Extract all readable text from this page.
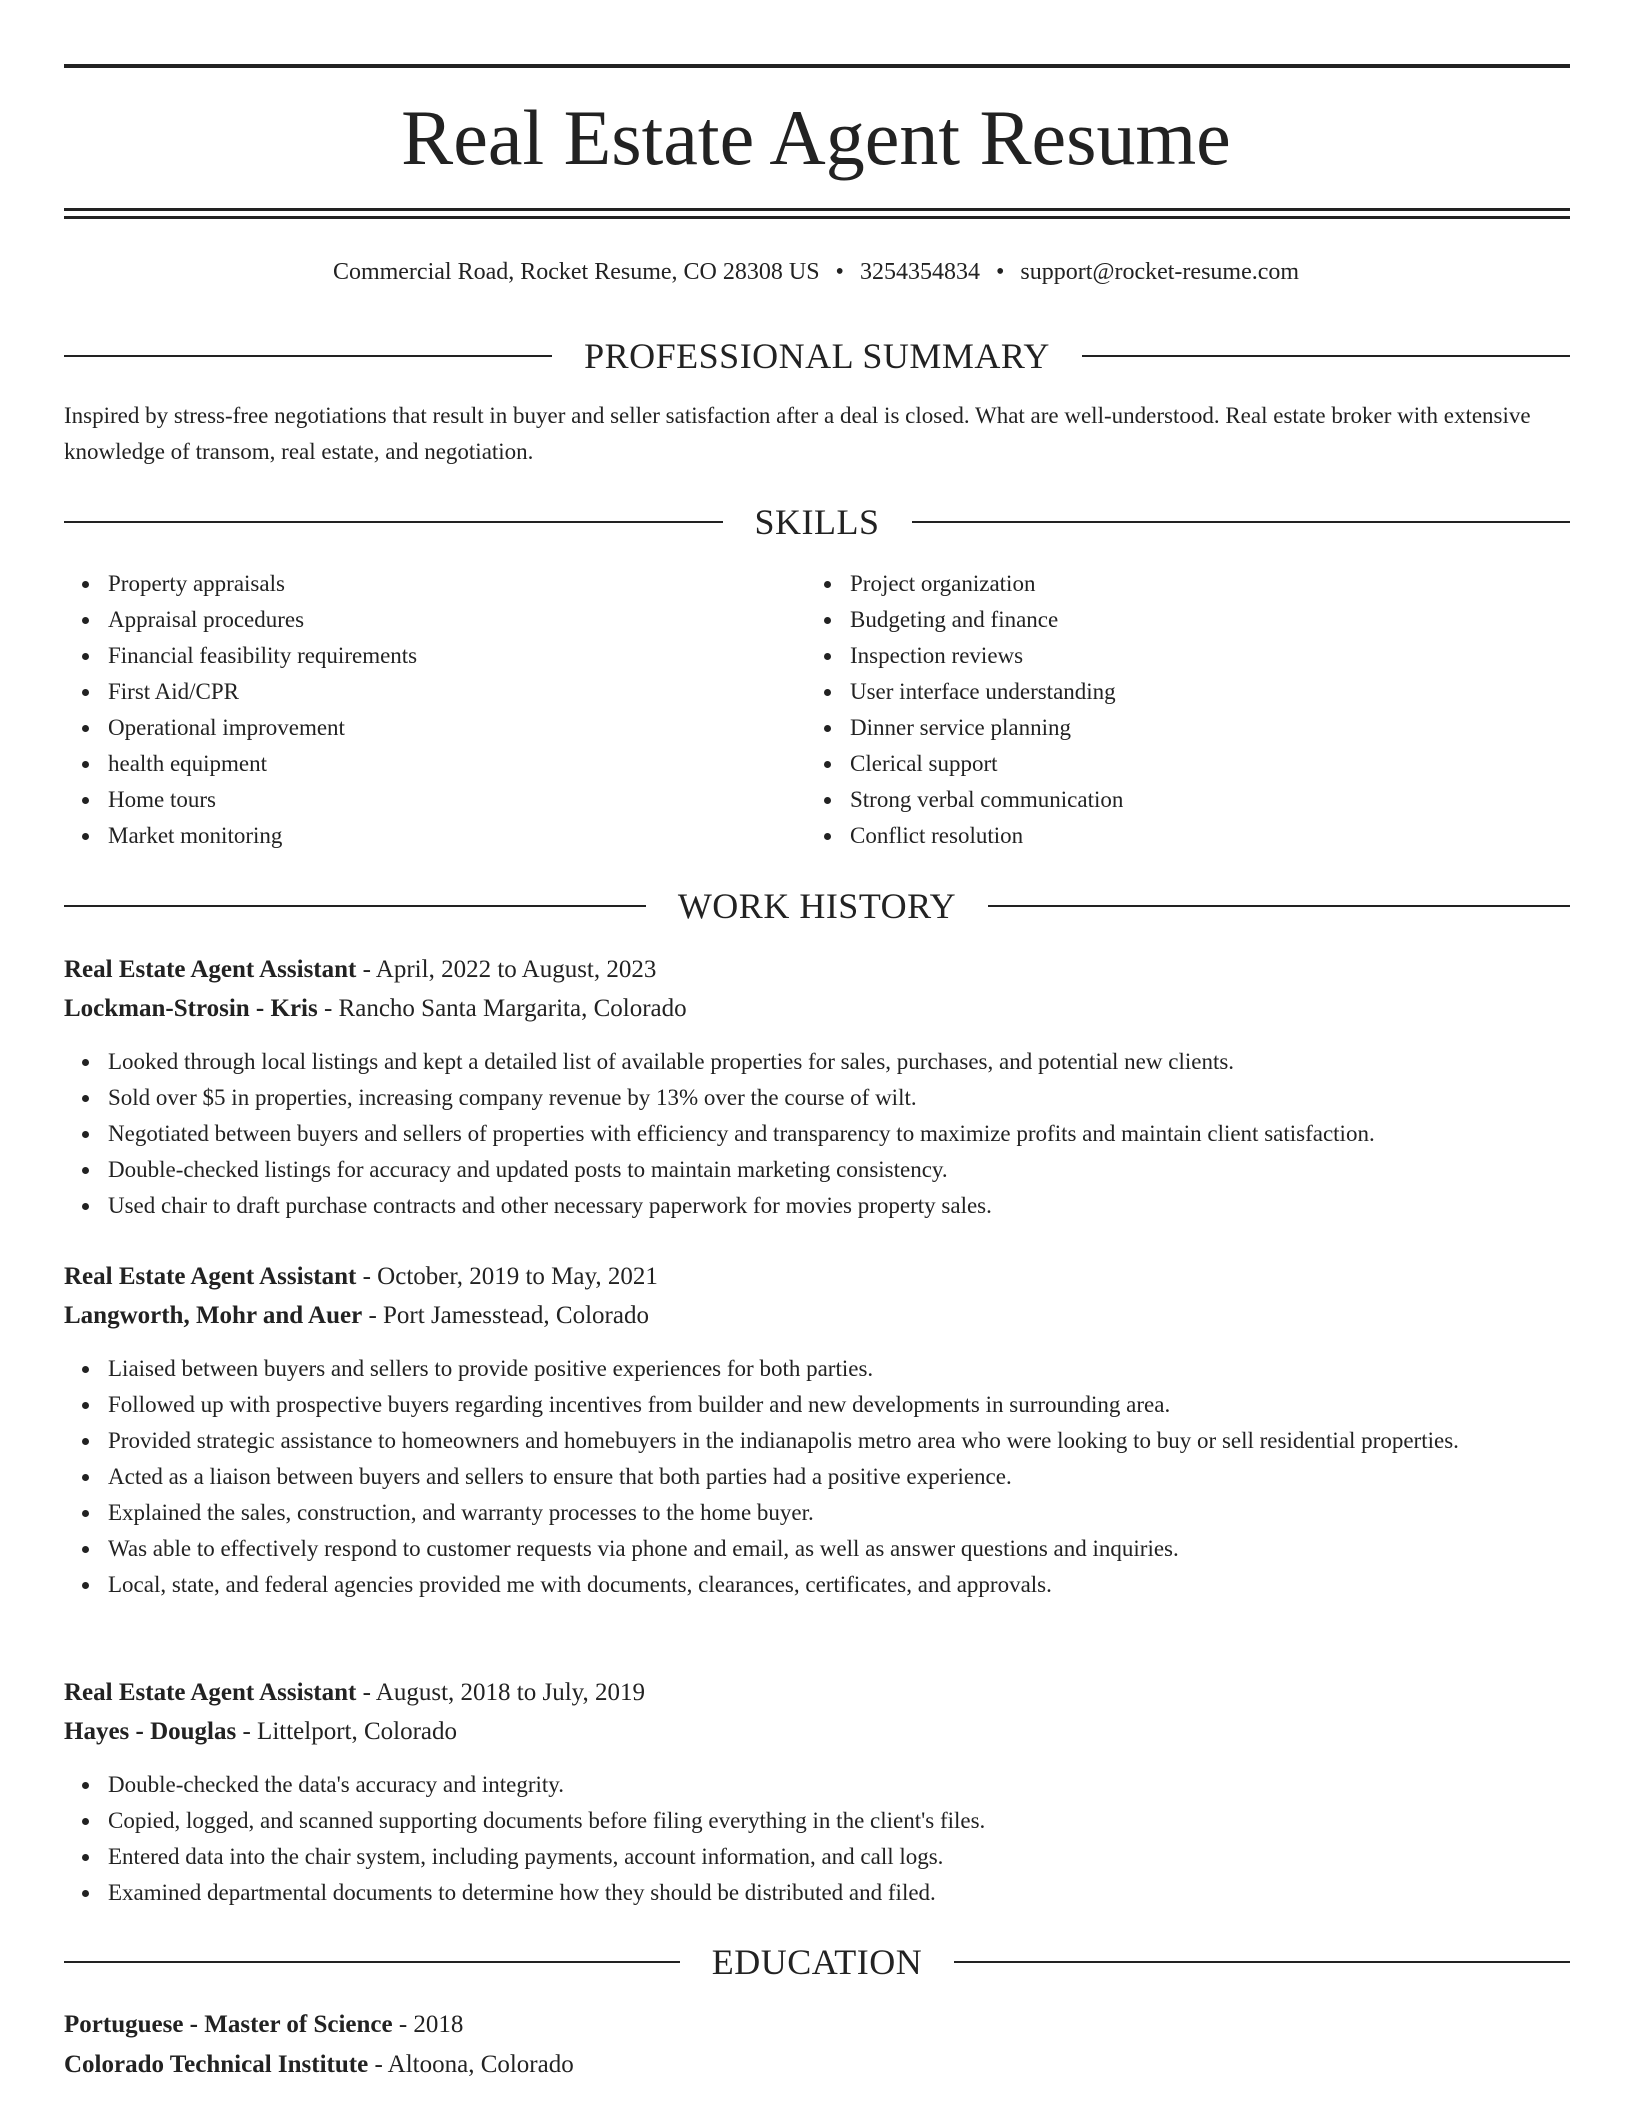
Real Estate Agent Resume
Commercial Road, Rocket Resume, CO 28308 US • 3254354834 • support@rocket-resume.com
PROFESSIONAL SUMMARY
Inspired by stress-free negotiations that result in buyer and seller satisfaction after a deal is closed. What are well-understood. Real estate broker with extensive knowledge of transom, real estate, and negotiation.
SKILLS
Property appraisals
Appraisal procedures
Financial feasibility requirements
First Aid/CPR
Operational improvement
health equipment
Home tours
Market monitoring
Project organization
Budgeting and finance
Inspection reviews
User interface understanding
Dinner service planning
Clerical support
Strong verbal communication
Conflict resolution
WORK HISTORY
Real Estate Agent Assistant - April, 2022 to August, 2023
Lockman-Strosin - Kris - Rancho Santa Margarita, Colorado
Looked through local listings and kept a detailed list of available properties for sales, purchases, and potential new clients.
Sold over $5 in properties, increasing company revenue by 13% over the course of wilt.
Negotiated between buyers and sellers of properties with efficiency and transparency to maximize profits and maintain client satisfaction.
Double-checked listings for accuracy and updated posts to maintain marketing consistency.
Used chair to draft purchase contracts and other necessary paperwork for movies property sales.
Real Estate Agent Assistant - October, 2019 to May, 2021
Langworth, Mohr and Auer - Port Jamesstead, Colorado
Liaised between buyers and sellers to provide positive experiences for both parties.
Followed up with prospective buyers regarding incentives from builder and new developments in surrounding area.
Provided strategic assistance to homeowners and homebuyers in the indianapolis metro area who were looking to buy or sell residential properties.
Acted as a liaison between buyers and sellers to ensure that both parties had a positive experience.
Explained the sales, construction, and warranty processes to the home buyer.
Was able to effectively respond to customer requests via phone and email, as well as answer questions and inquiries.
Local, state, and federal agencies provided me with documents, clearances, certificates, and approvals.
Real Estate Agent Assistant - August, 2018 to July, 2019
Hayes - Douglas - Littelport, Colorado
Double-checked the data's accuracy and integrity.
Copied, logged, and scanned supporting documents before filing everything in the client's files.
Entered data into the chair system, including payments, account information, and call logs.
Examined departmental documents to determine how they should be distributed and filed.
EDUCATION
Portuguese - Master of Science - 2018
Colorado Technical Institute - Altoona, Colorado
